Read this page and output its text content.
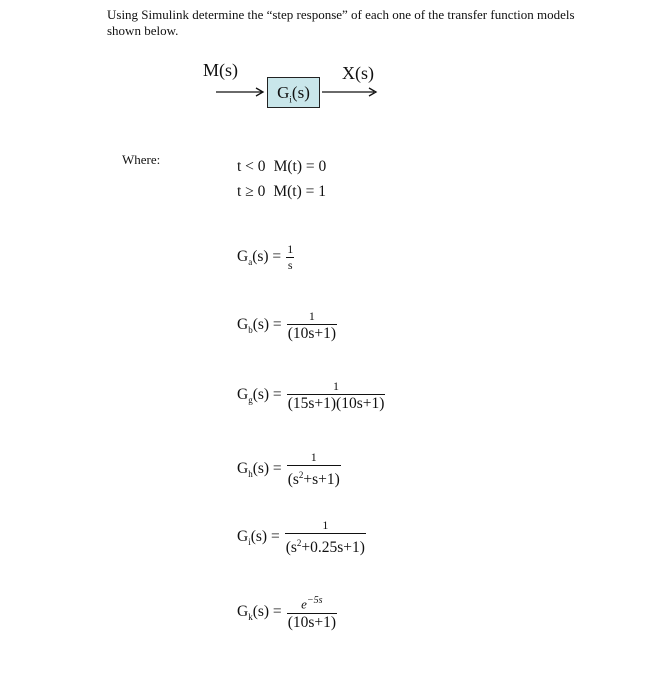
Using Simulink determine the “step response” of each one of the transfer function models
shown below.
M(s)	X(s)
$G_i(s)$
Where:	t < 0 M(t) = 0
t ≥ 0 M(t) = 1
$G_a(s) = \frac{1}{s}$
$G_b(s) = \frac{1}{(10s+1)}$
$G_g(s) = \frac{1}{(15s+1)(10s+1)}$
$G_h(s) = \frac{1}{(s^2+s+1)}$
$G_i(s) = \frac{1}{(s^2+0.25s+1)}$
$G_k(s) = \frac{e^{-5s}}{(10s+1)}$
